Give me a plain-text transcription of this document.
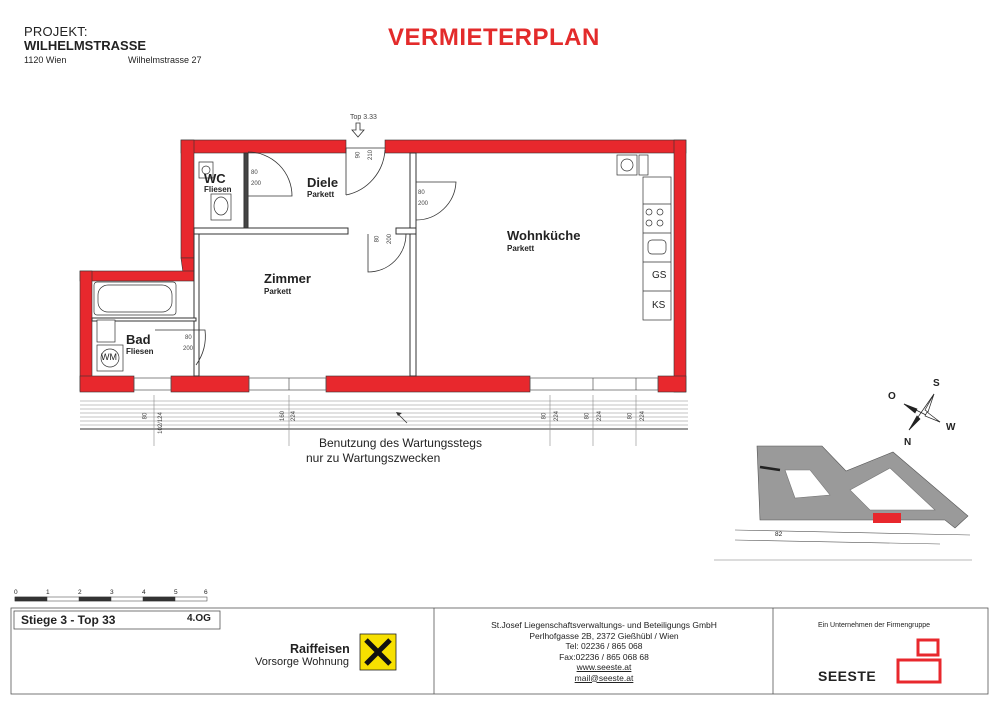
PROJEKT:
WILHELMSTRASSE
1120 Wien	Wilhelmstrasse 27
VERMIETERPLAN
Top 3.33
WC
Fliesen	Diele
Parkett
Wohnküche
Parkett
Zimmer
Parkett
Bad
Fliesen
WM
GS
KS
80
200
90 210
80
200
80 200
80
200
80 102/124	160 224	80 224	80 224	80 224
Benutzung des Wartungsstegs
nur zu Wartungszwecken
O
S
N
W
82
0	1	2	3	4	5	6
Stiege 3 - Top 33	4.OG
Raiffeisen
Vorsorge Wohnung
St.Josef Liegenschaftsverwaltungs- und Beteiligungs GmbH
Perlhofgasse 2B, 2372 Gießhübl / Wien
Tel: 02236 / 865 068
Fax:02236 / 865 068 68
www.seeste.at
mail@seeste.at
Ein Unternehmen der Firmengruppe
SEESTE
